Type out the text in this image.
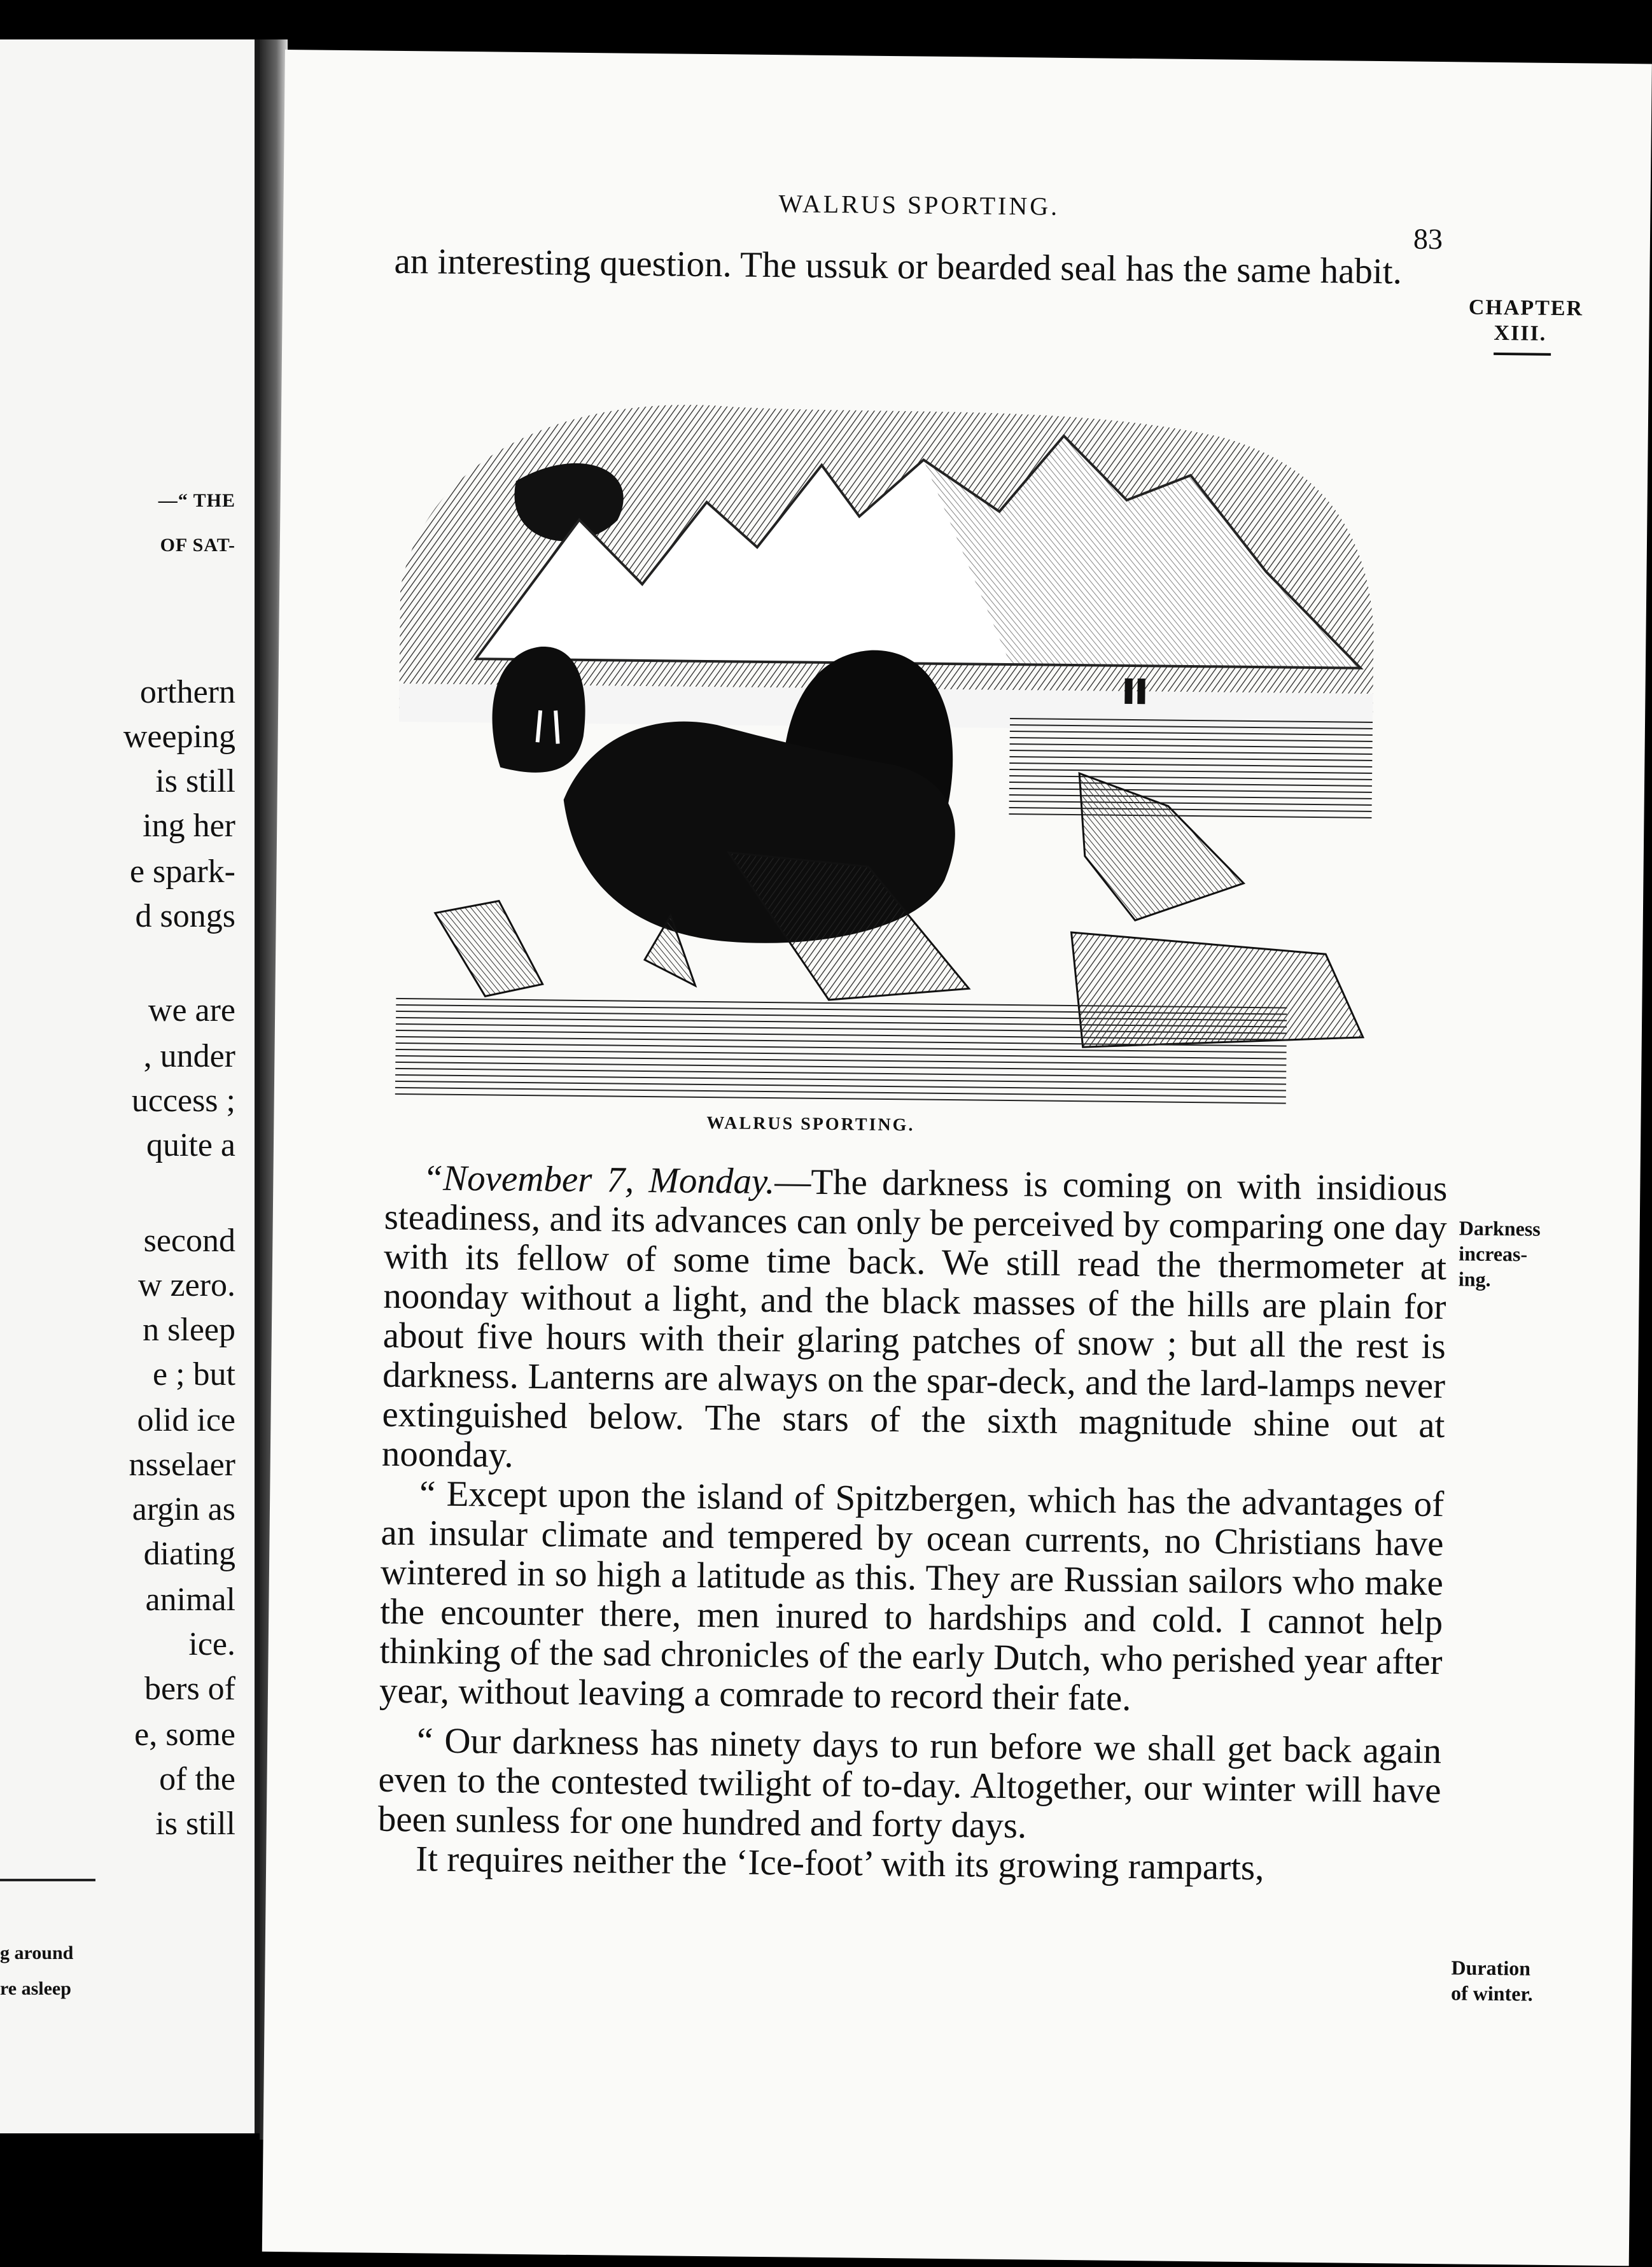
—“ THE
OF SAT-
orthern
weeping
is still
ing her
e spark-
d songs
we are
, under
uccess ;
quite a
second
w zero.
n sleep
e ; but
olid ice
nsselaer
argin as
diating
animal
ice.
bers of
e, some
of the
is still
g around
re asleep
WALRUS SPORTING.
83

an interesting question. The ussuk or bearded seal has the same habit.

CHAPTER
XIII.
WALRUS SPORTING.

“November 7, Monday.—The darkness is coming on with insidious steadiness, and its advances can only be perceived by comparing one day with its fellow of some time back. We still read the thermometer at noonday without a light, and the black masses of the hills are plain for about five hours with their glaring patches of snow ; but all the rest is darkness. Lanterns are always on the spar-deck, and the lard-lamps never extinguished below. The stars of the sixth magnitude shine out at noonday.

“ Except upon the island of Spitzbergen, which has the advantages of an insular climate and tempered by ocean currents, no Christians have wintered in so high a latitude as this. They are Russian sailors who make the encounter there, men inured to hardships and cold. I cannot help thinking of the sad chronicles of the early Dutch, who perished year after year, without leaving a comrade to record their fate.

“ Our darkness has ninety days to run before we shall get back again even to the contested twilight of to-day. Altogether, our winter will have been sunless for one hundred and forty days.

It requires neither the ‘Ice-foot’ with its growing ramparts,

Darkness
increas-
ing.
Duration
of winter.
